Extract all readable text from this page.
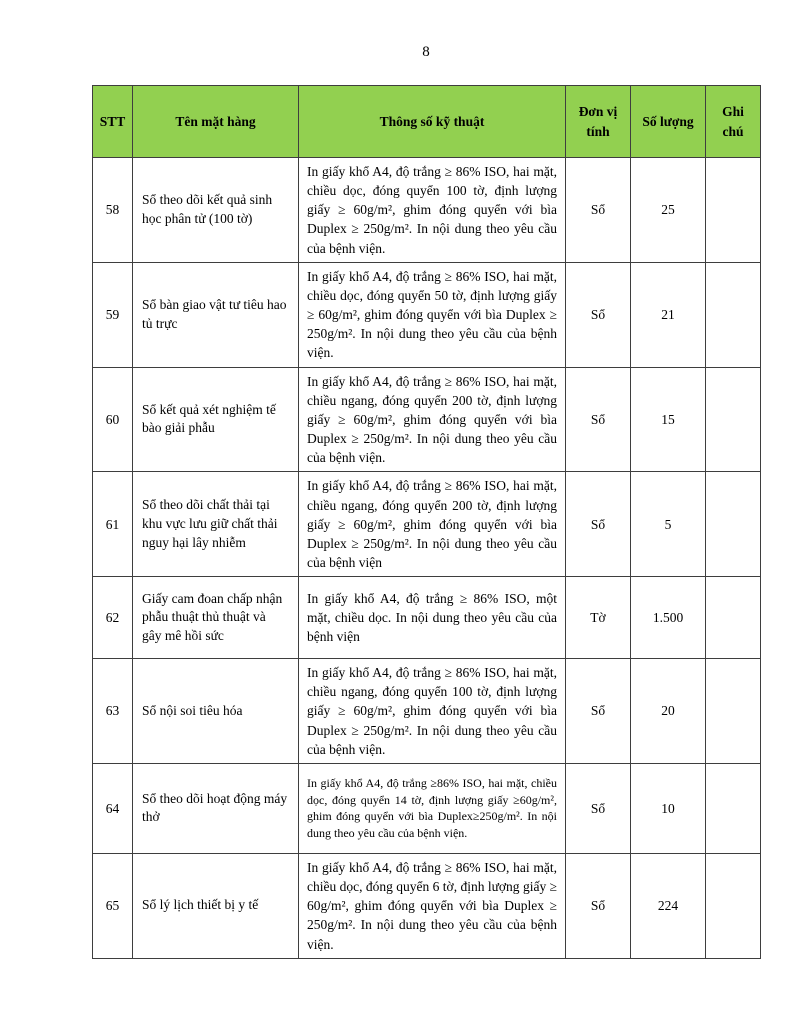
8
STT	Tên mặt hàng	Thông số kỹ thuật	Đơn vị tính	Số lượng	Ghi chú
58	Sổ theo dõi kết quả sinh học phân tử (100 tờ)	In giấy khổ A4, độ trắng ≥ 86% ISO, hai mặt, chiều dọc, đóng quyển 100 tờ, định lượng giấy ≥ 60g/m², ghim đóng quyển với bìa Duplex ≥ 250g/m². In nội dung theo yêu cầu của bệnh viện.	Sổ	25	
59	Sổ bàn giao vật tư tiêu hao tủ trực	In giấy khổ A4, độ trắng ≥ 86% ISO, hai mặt, chiều dọc, đóng quyển 50 tờ, định lượng giấy ≥ 60g/m², ghim đóng quyển với bìa Duplex ≥ 250g/m². In nội dung theo yêu cầu của bệnh viện.	Sổ	21	
60	Sổ kết quả xét nghiệm tế bào giải phẫu	In giấy khổ A4, độ trắng ≥ 86% ISO, hai mặt, chiều ngang, đóng quyển 200 tờ, định lượng giấy ≥ 60g/m², ghim đóng quyển với bìa Duplex ≥ 250g/m². In nội dung theo yêu cầu của bệnh viện.	Sổ	15	
61	Sổ theo dõi chất thải tại khu vực lưu giữ chất thải nguy hại lây nhiễm	In giấy khổ A4, độ trắng ≥ 86% ISO, hai mặt, chiều ngang, đóng quyển 200 tờ, định lượng giấy ≥ 60g/m², ghim đóng quyển với bìa Duplex ≥ 250g/m². In nội dung theo yêu cầu của bệnh viện	Sổ	5	
62	Giấy cam đoan chấp nhận phẫu thuật thủ thuật và gây mê hồi sức	In giấy khổ A4, độ trắng ≥ 86% ISO, một mặt, chiều dọc. In nội dung theo yêu cầu của bệnh viện	Tờ	1.500	
63	Sổ nội soi tiêu hóa	In giấy khổ A4, độ trắng ≥ 86% ISO, hai mặt, chiều ngang, đóng quyển 100 tờ, định lượng giấy ≥ 60g/m², ghim đóng quyển với bìa Duplex ≥ 250g/m². In nội dung theo yêu cầu của bệnh viện.	Sổ	20	
64	Sổ theo dõi hoạt động máy thở	In giấy khổ A4, độ trắng ≥86% ISO, hai mặt, chiều dọc, đóng quyển 14 tờ, định lượng giấy ≥60g/m², ghim đóng quyển với bìa Duplex≥250g/m². In nội dung theo yêu cầu của bệnh viện.	Sổ	10	
65	Sổ lý lịch thiết bị y tế	In giấy khổ A4, độ trắng ≥ 86% ISO, hai mặt, chiều dọc, đóng quyển 6 tờ, định lượng giấy ≥ 60g/m², ghim đóng quyển với bìa Duplex ≥ 250g/m². In nội dung theo yêu cầu của bệnh viện.	Sổ	224	
